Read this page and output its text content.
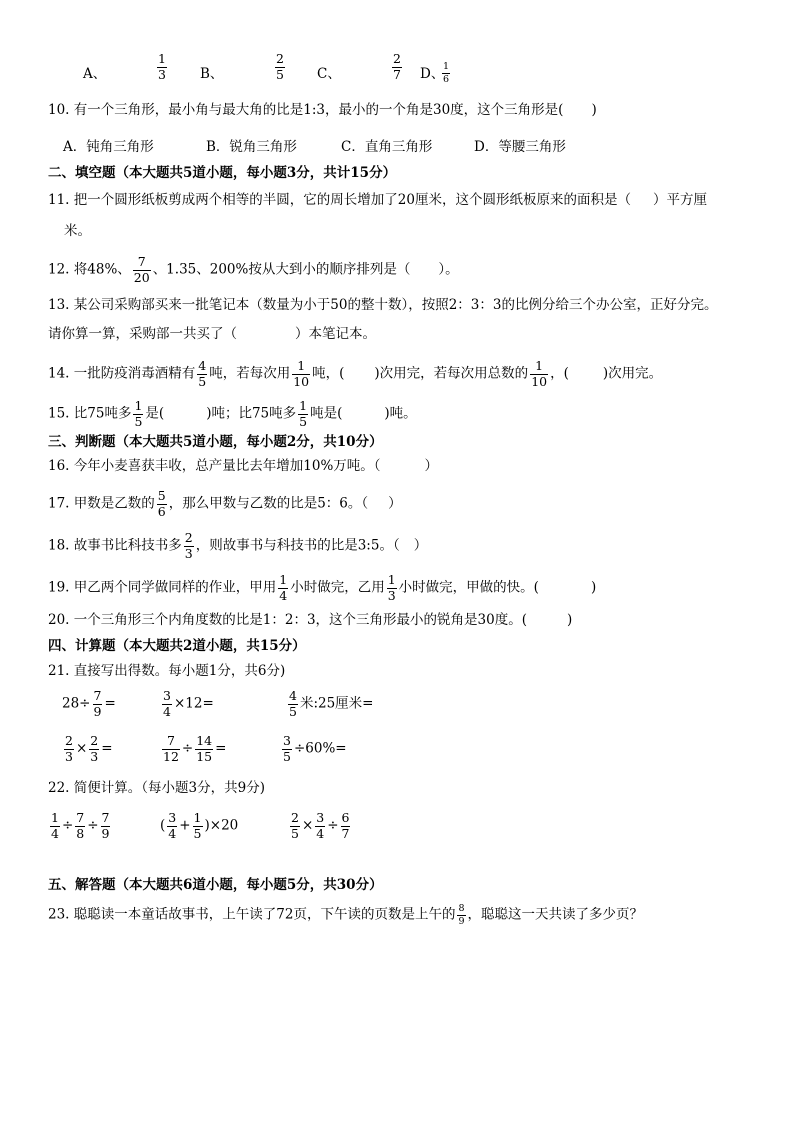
A、	$\frac{1}{3}$ B、	$\frac{2}{5}$ C、	$\frac{2}{7}$ D、
$\frac{1}{6}$
10. 有一个三角形，最小角与最大角的比是1:3，最小的一个角是30度，这个三角形是( )
A．钝角三角形	B．锐角三角形	C．直角三角形	D．等腰三角形
二、填空题（本大题共5道小题，每小题3分，共计15分）
11. 把一个圆形纸板剪成两个相等的半圆，它的周长增加了20厘米，这个圆形纸板原来的面积是（ ）平方厘
米。
12. 将48%、 $\frac{7}{20}$ 、1.35、200%按从大到小的顺序排列是（ ）。
13. 某公司采购部买来一批笔记本（数量为小于50的整十数），按照2：3：3的比例分给三个办公室，正好分完。
请你算一算，采购部一共买了（	）本笔记本。
14. 一批防疫消毒酒精有 $\frac{4}{5}$ 吨，若每次用 $\frac{1}{10}$ 吨，( )次用完，若每次用总数的 $\frac{1}{10}$ ，(	)次用完。
15. 比75吨多 $\frac{1}{5}$ 是(	)吨；比75吨多 $\frac{1}{5}$ 吨是(	)吨。
三、判断题（本大题共5道小题，每小题2分，共10分）
16. 今年小麦喜获丰收，总产量比去年增加10%万吨。（	）
17. 甲数是乙数的 $\frac{5}{6}$ ，那么甲数与乙数的比是5：6。（ ）
18. 故事书比科技书多 $\frac{2}{3}$ ，则故事书与科技书的比是3:5。（ ）
19. 甲乙两个同学做同样的作业，甲用 $\frac{1}{4}$ 小时做完，乙用 $\frac{1}{3}$ 小时做完，甲做的快。(	)
20. 一个三角形三个内角度数的比是1：2：3，这个三角形最小的锐角是30度。(	)
四、计算题（本大题共2道小题，共15分）
21. 直接写出得数。每小题1分，共6分)
$28\div \frac{7}{9}$ =	$\frac{3}{4} \times 12=$	$\frac{4}{5}$ 米:25厘米=
$\frac{2}{3} \times \frac{2}{3}$ =	$\frac{7}{12} \div \frac{14}{15}$ =	$\frac{3}{5} \div 60\%=$
22. 简便计算。（每小题3分，共9分)
$\frac{1}{4} \div \frac{7}{8} \div \frac{7}{9}$	( $\frac{3}{4} + \frac{1}{5} )\times 20$	$\frac{2}{5} \times \frac{3}{4} \div \frac{6}{7}$
五、解答题（本大题共6道小题，每小题5分，共30分）
23. 聪聪读一本童话故事书，上午读了72页，下午读的页数是上午的 $\frac{8}{9}$ ，聪聪这一天共读了多少页？
